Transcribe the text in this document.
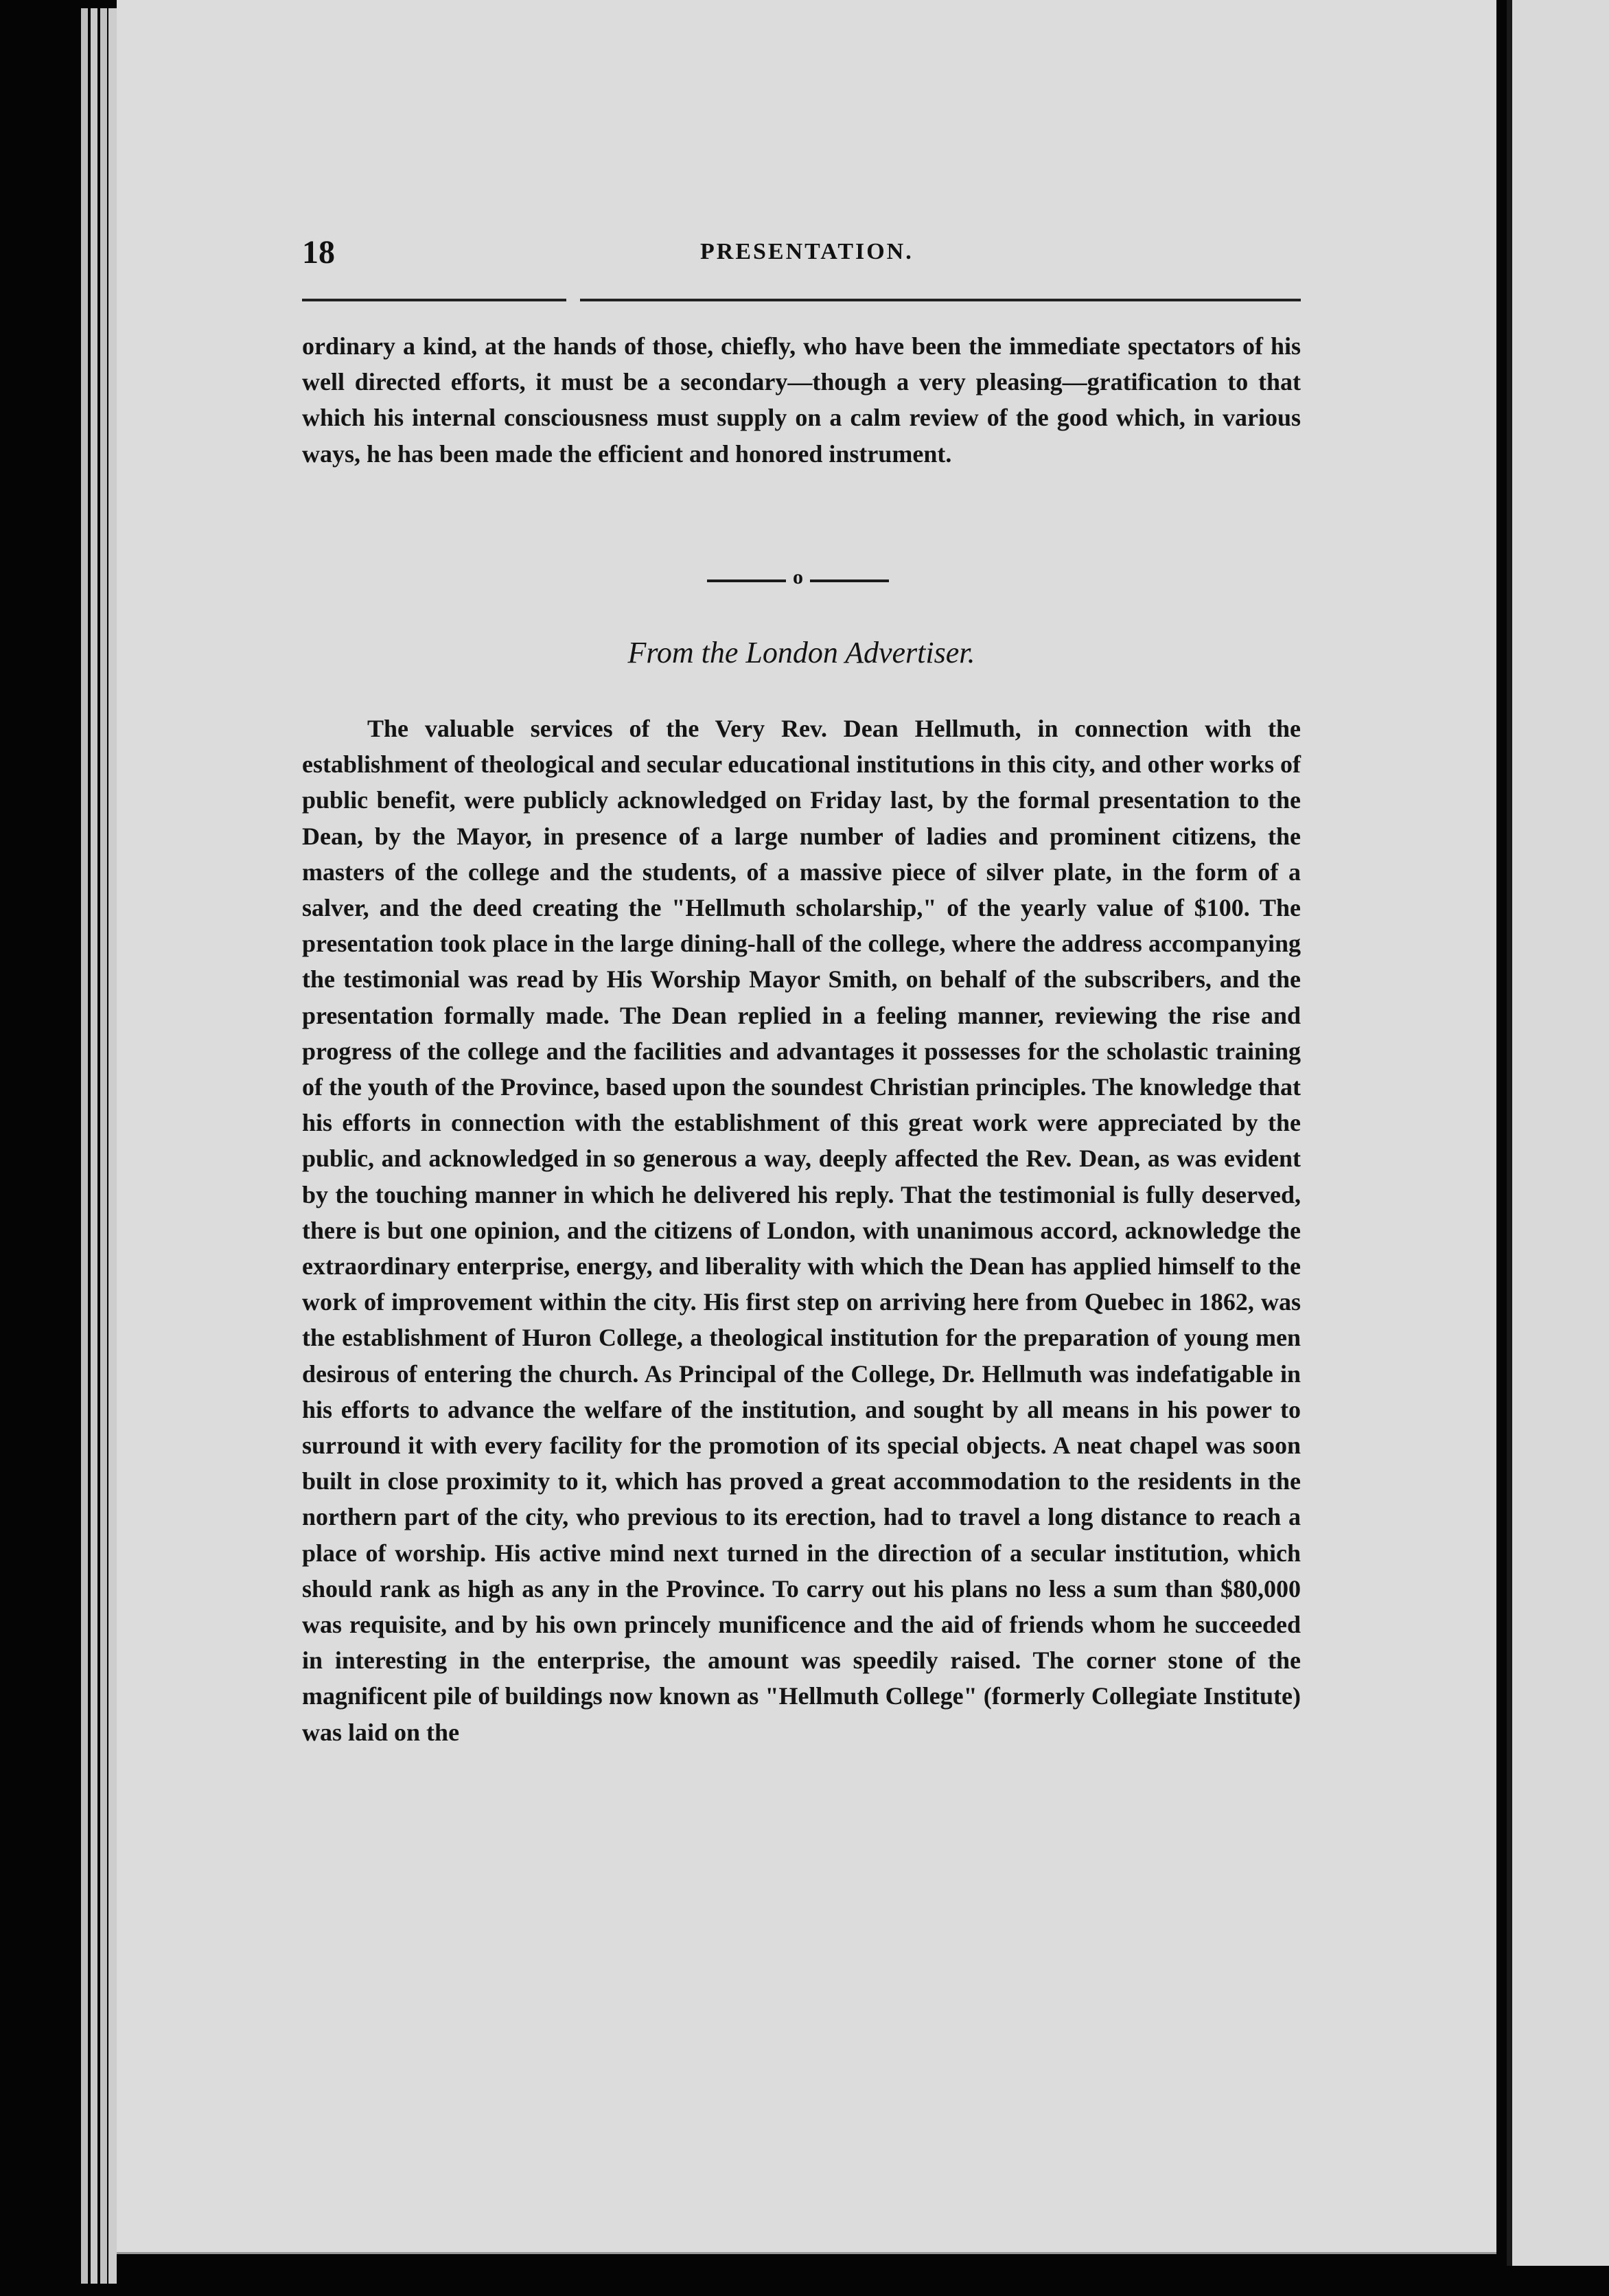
18	PRESENTATION.
ordinary a kind, at the hands of those, chiefly, who have been the immediate spectators of his well directed efforts, it must be a secondary—though a very pleasing—gratification to that which his internal consciousness must supply on a calm review of the good which, in various ways, he has been made the efficient and honored instrument.
o
From the London Advertiser.
The valuable services of the Very Rev. Dean Hellmuth, in connection with the establishment of theological and secular educational institutions in this city, and other works of public benefit, were publicly acknowledged on Friday last, by the formal presentation to the Dean, by the Mayor, in presence of a large number of ladies and prominent citizens, the masters of the college and the students, of a massive piece of silver plate, in the form of a salver, and the deed creating the "Hellmuth scholarship," of the yearly value of $100. The presentation took place in the large dining-hall of the college, where the address accompanying the testimonial was read by His Worship Mayor Smith, on behalf of the subscribers, and the presentation formally made. The Dean replied in a feeling manner, reviewing the rise and progress of the college and the facilities and advantages it possesses for the scholastic training of the youth of the Province, based upon the soundest Christian principles. The knowledge that his efforts in connection with the establishment of this great work were appreciated by the public, and acknowledged in so generous a way, deeply affected the Rev. Dean, as was evident by the touching manner in which he delivered his reply. That the testimonial is fully deserved, there is but one opinion, and the citizens of London, with unanimous accord, acknowledge the extraordinary enterprise, energy, and liberality with which the Dean has applied himself to the work of improvement within the city. His first step on arriving here from Quebec in 1862, was the establishment of Huron College, a theological institution for the preparation of young men desirous of entering the church. As Principal of the College, Dr. Hellmuth was indefatigable in his efforts to advance the welfare of the institution, and sought by all means in his power to surround it with every facility for the promotion of its special objects. A neat chapel was soon built in close proximity to it, which has proved a great accommodation to the residents in the northern part of the city, who previous to its erection, had to travel a long distance to reach a place of worship. His active mind next turned in the direction of a secular institution, which should rank as high as any in the Province. To carry out his plans no less a sum than $80,000 was requisite, and by his own princely munificence and the aid of friends whom he succeeded in interesting in the enterprise, the amount was speedily raised. The corner stone of the magnificent pile of buildings now known as "Hellmuth College" (formerly Collegiate Institute) was laid on the
